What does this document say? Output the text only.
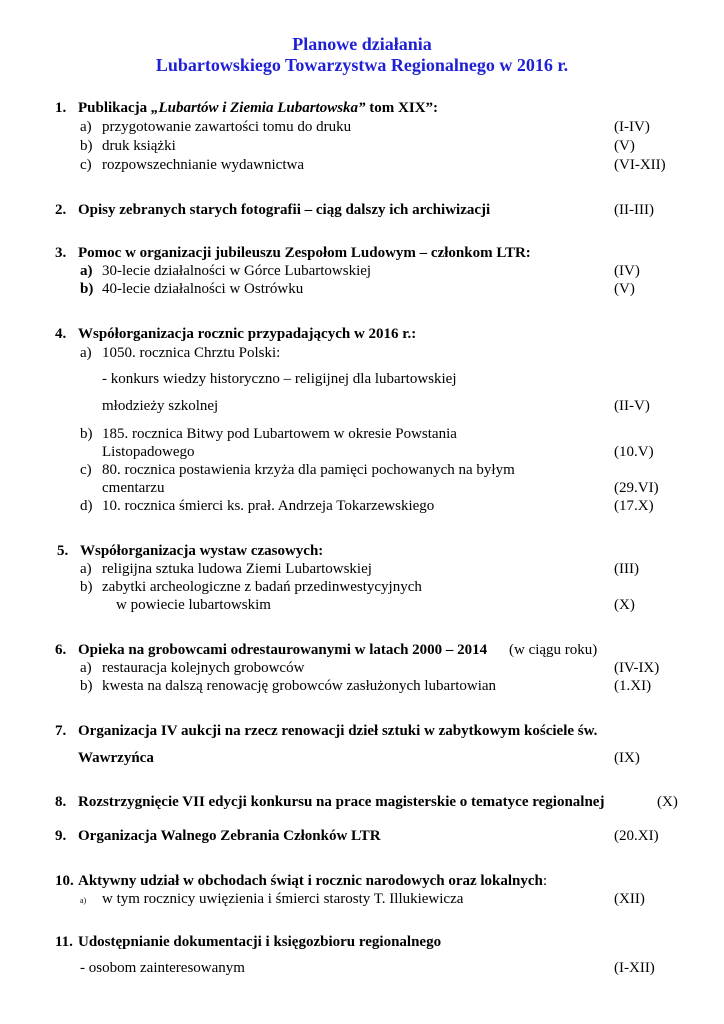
Planowe działania
Lubartowskiego Towarzystwa Regionalnego w 2016 r.
1. Publikacja „Lubartów i Ziemia Lubartowska” tom XIX”:
a) przygotowanie zawartości tomu do druku	(I-IV)
b) druk książki	(V)
c) rozpowszechnianie wydawnictwa	(VI-XII)
2. Opisy zebranych starych fotografii – ciąg dalszy ich archiwizacji	(II-III)
3. Pomoc w organizacji jubileuszu Zespołom Ludowym – członkom LTR:
a) 30-lecie działalności w Górce Lubartowskiej	(IV)
b) 40-lecie działalności w Ostrówku	(V)
4. Współorganizacja rocznic przypadających w 2016 r.:
a) 1050. rocznica Chrztu Polski:
- konkurs wiedzy historyczno – religijnej dla lubartowskiej
młodzieży szkolnej	(II-V)
b) 185. rocznica Bitwy pod Lubartowem w okresie Powstania
Listopadowego	(10.V)
c) 80. rocznica postawienia krzyża dla pamięci pochowanych na byłym
cmentarzu	(29.VI)
d) 10. rocznica śmierci ks. prał. Andrzeja Tokarzewskiego	(17.X)
5. Współorganizacja wystaw czasowych:
a) religijna sztuka ludowa Ziemi Lubartowskiej	(III)
b) zabytki archeologiczne z badań przedinwestycyjnych
w powiecie lubartowskim	(X)
6. Opieka na grobowcami odrestaurowanymi w latach 2000 – 2014 (w ciągu roku)
a) restauracja kolejnych grobowców	(IV-IX)
b) kwesta na dalszą renowację grobowców zasłużonych lubartowian	(1.XI)
7. Organizacja IV aukcji na rzecz renowacji dzieł sztuki w zabytkowym kościele św.
Wawrzyńca	(IX)
8. Rozstrzygnięcie VII edycji konkursu na prace magisterskie o tematyce regionalnej	(X)
9. Organizacja Walnego Zebrania Członków LTR	(20.XI)
10. Aktywny udział w obchodach świąt i rocznic narodowych oraz lokalnych:
a) w tym rocznicy uwięzienia i śmierci starosty T. Illukiewicza	(XII)
11. Udostępnianie dokumentacji i księgozbioru regionalnego
- osobom zainteresowanym	(I-XII)
